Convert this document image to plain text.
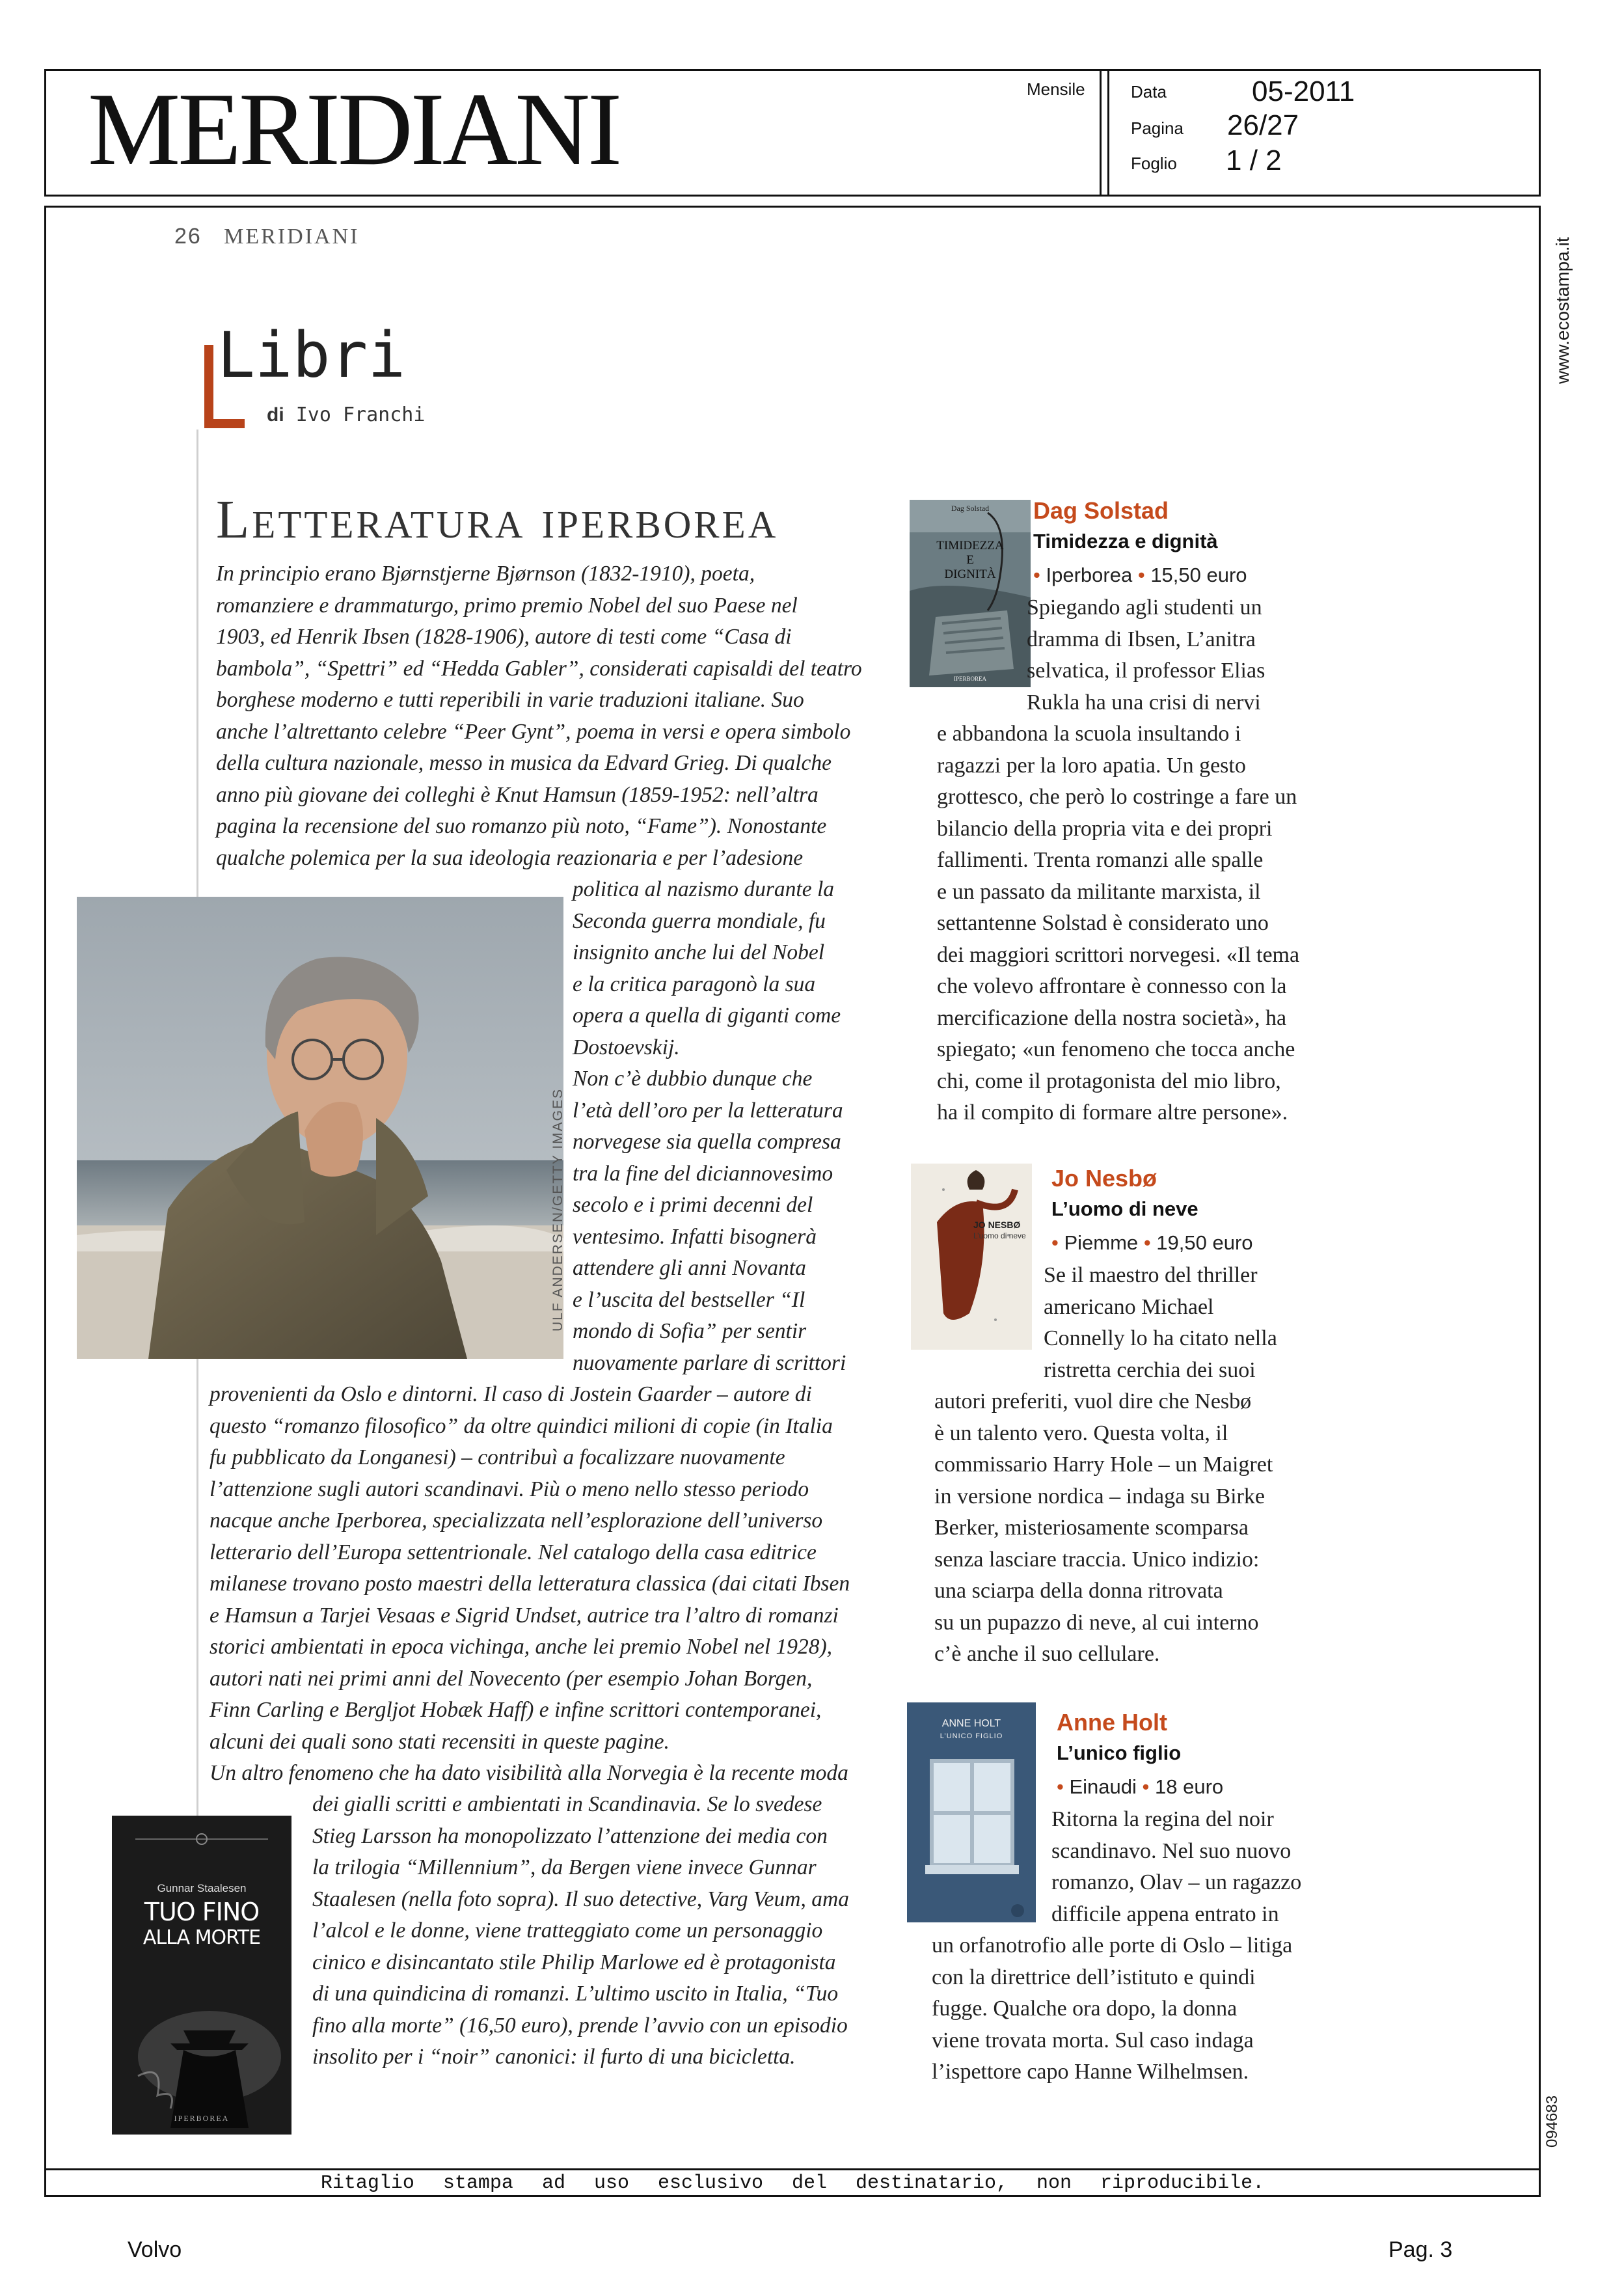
MERIDIANI	Mensile	Data	05-2011
Pagina 26/27
Foglio 1 / 2
www.ecostampa.it
094683
26 MERIDIANI
Libri
di Ivo Franchi
Letteratura iperborea

In principio erano Bjørnstjerne Bjørnson (1832-1910), poeta,

romanziere e drammaturgo, primo premio Nobel del suo Paese nel

1903, ed Henrik Ibsen (1828-1906), autore di testi come “Casa di

bambola”, “Spettri” ed “Hedda Gabler”, considerati capisaldi del teatro

borghese moderno e tutti reperibili in varie traduzioni italiane. Suo

anche l’altrettanto celebre “Peer Gynt”, poema in versi e opera simbolo

della cultura nazionale, messo in musica da Edvard Grieg. Di qualche

anno più giovane dei colleghi è Knut Hamsun (1859-1952: nell’altra

pagina la recensione del suo romanzo più noto, “Fame”). Nonostante

qualche polemica per la sua ideologia reazionaria e per l’adesione

politica al nazismo durante la

Seconda guerra mondiale, fu

insignito anche lui del Nobel

e la critica paragonò la sua

opera a quella di giganti come

Dostoevskij.

Non c’è dubbio dunque che

l’età dell’oro per la letteratura

norvegese sia quella compresa

tra la fine del diciannovesimo

secolo e i primi decenni del

ventesimo. Infatti bisognerà

attendere gli anni Novanta

e l’uscita del bestseller “Il

mondo di Sofia” per sentir

nuovamente parlare di scrittori

provenienti da Oslo e dintorni. Il caso di Jostein Gaarder – autore di

questo “romanzo filosofico” da oltre quindici milioni di copie (in Italia

fu pubblicato da Longanesi) – contribuì a focalizzare nuovamente

l’attenzione sugli autori scandinavi. Più o meno nello stesso periodo

nacque anche Iperborea, specializzata nell’esplorazione dell’universo

letterario dell’Europa settentrionale. Nel catalogo della casa editrice

milanese trovano posto maestri della letteratura classica (dai citati Ibsen

e Hamsun a Tarjei Vesaas e Sigrid Undset, autrice tra l’altro di romanzi

storici ambientati in epoca vichinga, anche lei premio Nobel nel 1928),

autori nati nei primi anni del Novecento (per esempio Johan Borgen,

Finn Carling e Bergljot Hobæk Haff) e infine scrittori contemporanei,

alcuni dei quali sono stati recensiti in queste pagine.

Un altro fenomeno che ha dato visibilità alla Norvegia è la recente moda

dei gialli scritti e ambientati in Scandinavia. Se lo svedese

Stieg Larsson ha monopolizzato l’attenzione dei media con

la trilogia “Millennium”, da Bergen viene invece Gunnar

Staalesen (nella foto sopra). Il suo detective, Varg Veum, ama

l’alcol e le donne, viene tratteggiato come un personaggio

cinico e disincantato stile Philip Marlowe ed è protagonista

di una quindicina di romanzi. L’ultimo uscito in Italia, “Tuo

fino alla morte” (16,50 euro), prende l’avvio con un episodio

insolito per i “noir” canonici: il furto di una bicicletta.

ULF ANDERSEN/GETTY IMAGES
Gunnar Staalesen
TUO FINO
ALLA MORTE
IPERBOREA
Dag Solstad
TIMIDEZZA
E
DIGNITÀ
IPERBOREA
JO NESBØ
L’uomo di neve
ANNE HOLT
L’UNICO FIGLIO
Dag Solstad
Timidezza e dignità
• Iperborea • 15,50 euro

Spiegando agli studenti un

dramma di Ibsen, L’anitra

selvatica, il professor Elias

Rukla ha una crisi di nervi

e abbandona la scuola insultando i

ragazzi per la loro apatia. Un gesto

grottesco, che però lo costringe a fare un

bilancio della propria vita e dei propri

fallimenti. Trenta romanzi alle spalle

e un passato da militante marxista, il

settantenne Solstad è considerato uno

dei maggiori scrittori norvegesi. «Il tema

che volevo affrontare è connesso con la

mercificazione della nostra società», ha

spiegato; «un fenomeno che tocca anche

chi, come il protagonista del mio libro,

ha il compito di formare altre persone».

Jo Nesbø
L’uomo di neve
• Piemme • 19,50 euro

Se il maestro del thriller

americano Michael

Connelly lo ha citato nella

ristretta cerchia dei suoi

autori preferiti, vuol dire che Nesbø

è un talento vero. Questa volta, il

commissario Harry Hole – un Maigret

in versione nordica – indaga su Birke

Berker, misteriosamente scomparsa

senza lasciare traccia. Unico indizio:

una sciarpa della donna ritrovata

su un pupazzo di neve, al cui interno

c’è anche il suo cellulare.

Anne Holt
L’unico figlio
• Einaudi • 18 euro

Ritorna la regina del noir

scandinavo. Nel suo nuovo

romanzo, Olav – un ragazzo

difficile appena entrato in

un orfanotrofio alle porte di Oslo – litiga

con la direttrice dell’istituto e quindi

fugge. Qualche ora dopo, la donna

viene trovata morta. Sul caso indaga

l’ispettore capo Hanne Wilhelmsen.

Ritaglio stampa ad uso esclusivo del destinatario, non riproducibile.
Volvo	Pag. 3
